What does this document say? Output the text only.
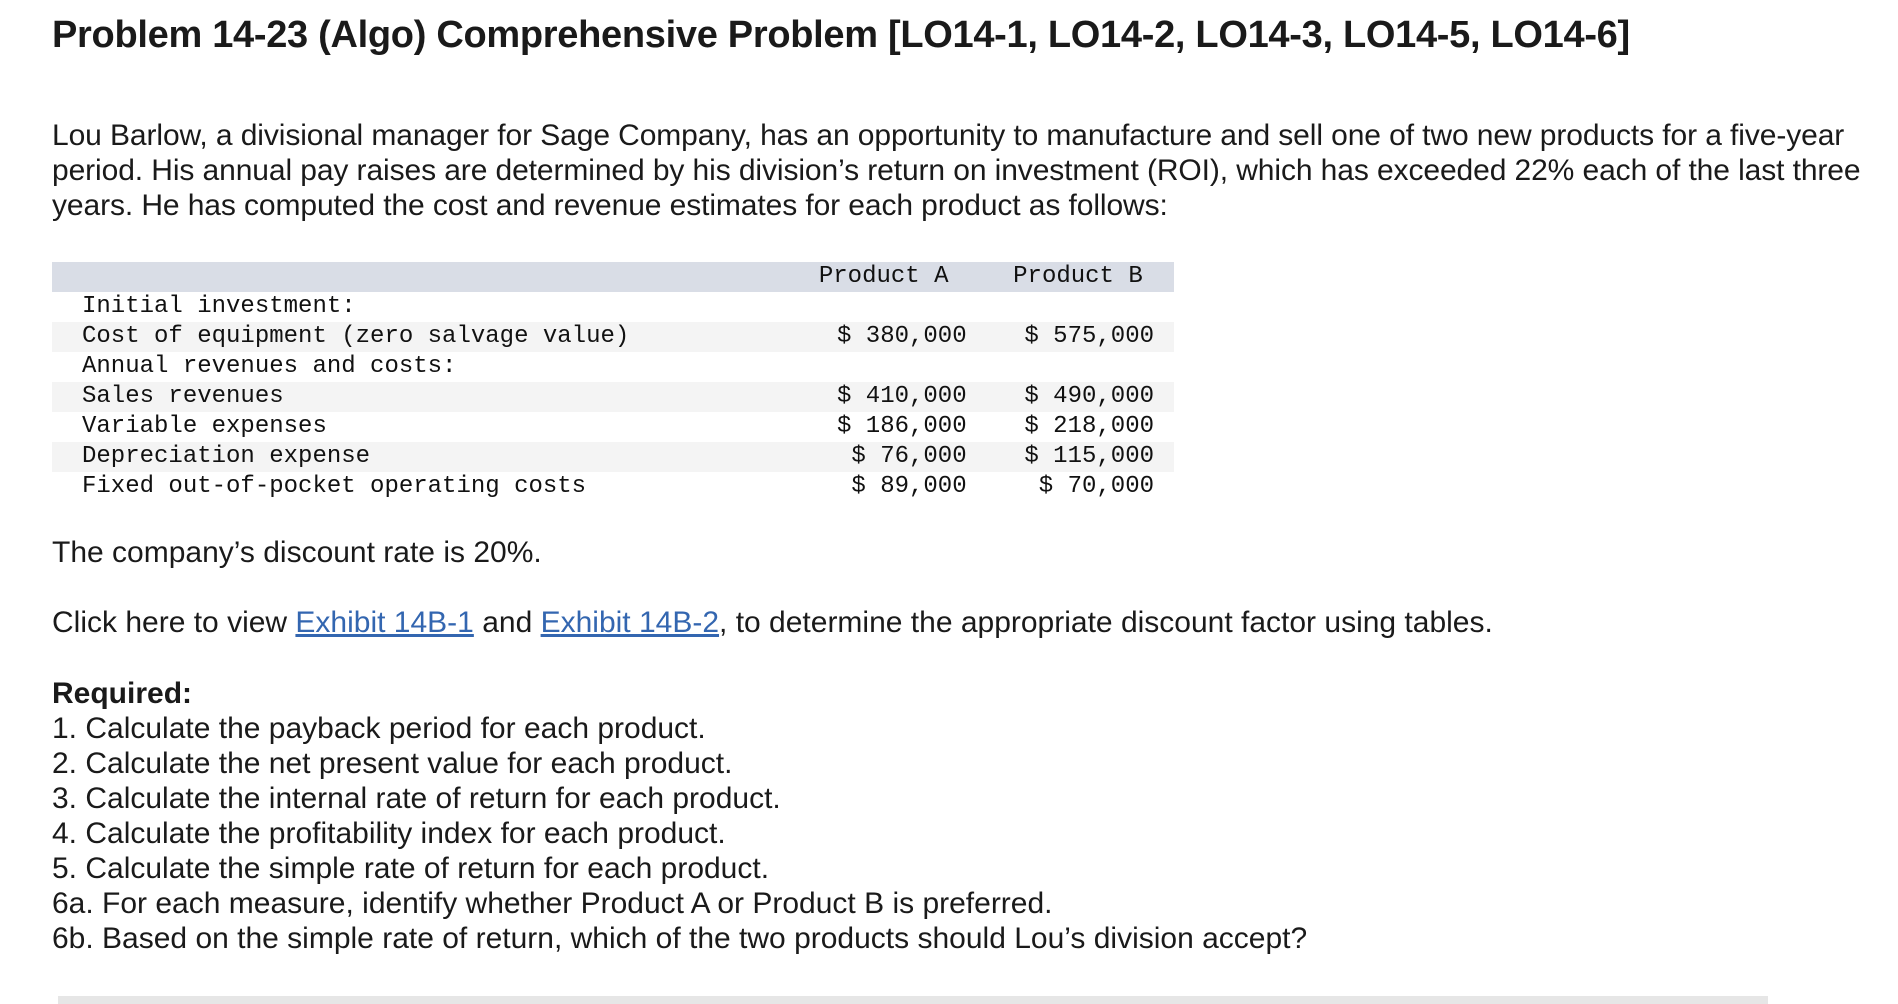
Problem 14-23 (Algo) Comprehensive Problem [LO14-1, LO14-2, LO14-3, LO14-5, LO14-6]

Lou Barlow, a divisional manager for Sage Company, has an opportunity to manufacture and sell one of two new products for a five-year period. His annual pay raises are determined by his division’s return on investment (ROI), which has exceeded 22% each of the last three years. He has computed the cost and revenue estimates for each product as follows:

	Product A		Product B
Initial investment:			
Cost of equipment (zero salvage value)	$ 380,000		$ 575,000
Annual revenues and costs:			
Sales revenues	$ 410,000		$ 490,000
Variable expenses	$ 186,000		$ 218,000
Depreciation expense	$ 76,000		$ 115,000
Fixed out-of-pocket operating costs	$ 89,000		$ 70,000

The company’s discount rate is 20%.

Click here to view Exhibit 14B-1 and Exhibit 14B-2, to determine the appropriate discount factor using tables.

Required:
1. Calculate the payback period for each product.
2. Calculate the net present value for each product.
3. Calculate the internal rate of return for each product.
4. Calculate the profitability index for each product.
5. Calculate the simple rate of return for each product.
6a. For each measure, identify whether Product A or Product B is preferred.
6b. Based on the simple rate of return, which of the two products should Lou’s division accept?
